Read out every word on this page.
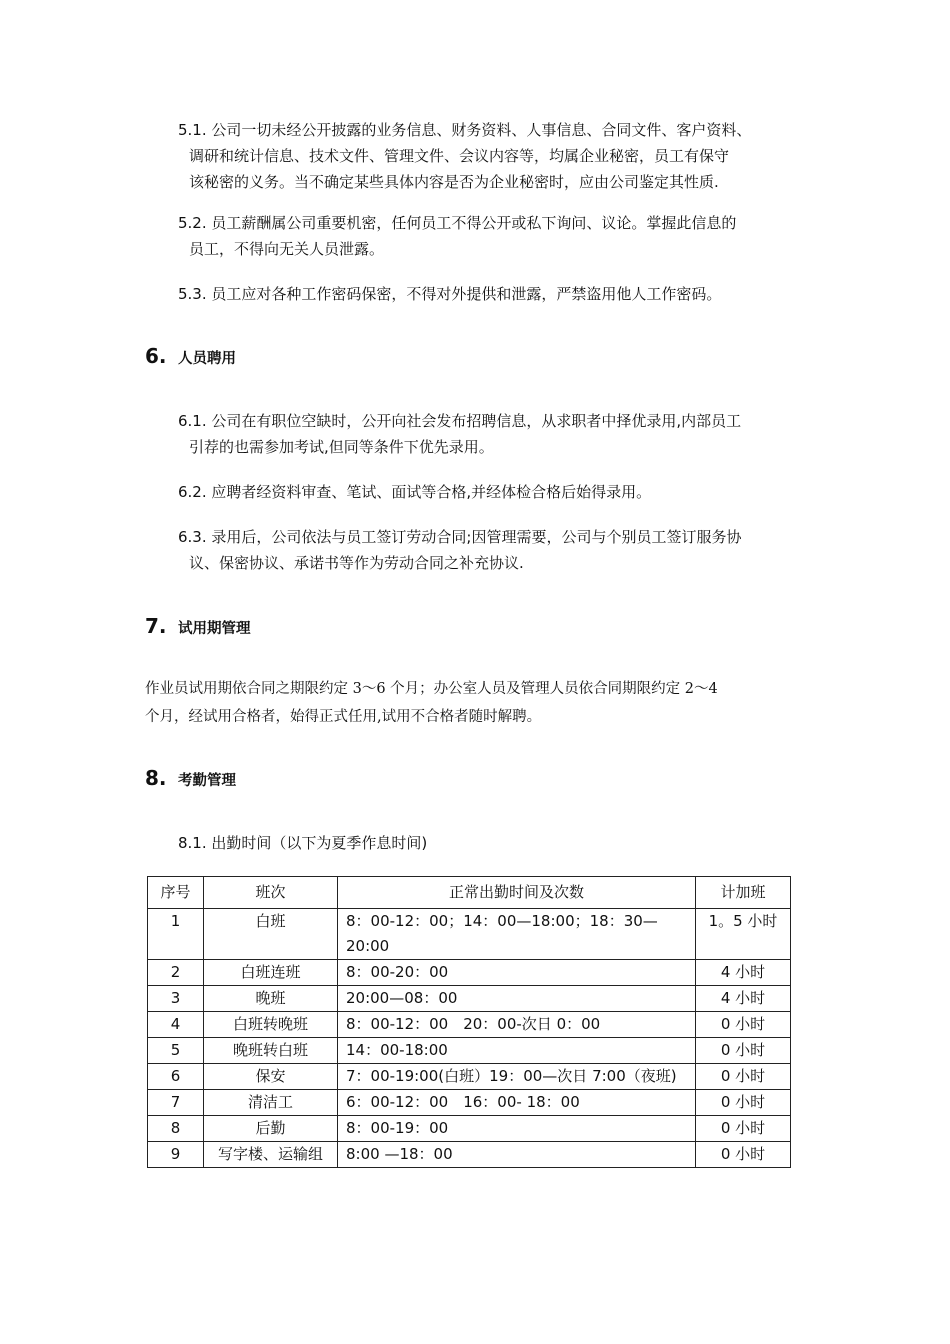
5.1. 公司一切未经公开披露的业务信息、财务资料、人事信息、合同文件、客户资料、
调研和统计信息、技术文件、管理文件、会议内容等，均属企业秘密，员工有保守
该秘密的义务。当不确定某些具体内容是否为企业秘密时，应由公司鉴定其性质.

5.2. 员工薪酬属公司重要机密，任何员工不得公开或私下询问、议论。掌握此信息的
员工，不得向无关人员泄露。

5.3. 员工应对各种工作密码保密，不得对外提供和泄露，严禁盗用他人工作密码。

6. 人员聘用

6.1. 公司在有职位空缺时，公开向社会发布招聘信息，从求职者中择优录用,内部员工
引荐的也需参加考试,但同等条件下优先录用。

6.2. 应聘者经资料审查、笔试、面试等合格,并经体检合格后始得录用。

6.3. 录用后，公司依法与员工签订劳动合同;因管理需要，公司与个别员工签订服务协
议、保密协议、承诺书等作为劳动合同之补充协议.

7. 试用期管理

作业员试用期依合同之期限约定 3～6 个月；办公室人员及管理人员依合同期限约定 2～4
个月，经试用合格者，始得正式任用,试用不合格者随时解聘。

8. 考勤管理

8.1. 出勤时间（以下为夏季作息时间)

序号	班次	正常出勤时间及次数	计加班
1	白班	8：00-12：00；14：00—18:00；18：30—20:00	1。5 小时
2	白班连班	8：00-20：00	4 小时
3	晚班	20:00—08：00	4 小时
4	白班转晚班	8：00-12：00　20：00-次日 0：00	0 小时
5	晚班转白班	14：00-18:00	0 小时
6	保安	7：00-19:00(白班）19：00—次日 7:00（夜班)	0 小时
7	清洁工	6：00-12：00　16：00- 18：00	0 小时
8	后勤	8：00-19：00	0 小时
9	写字楼、运输组	8:00 —18：00	0 小时
